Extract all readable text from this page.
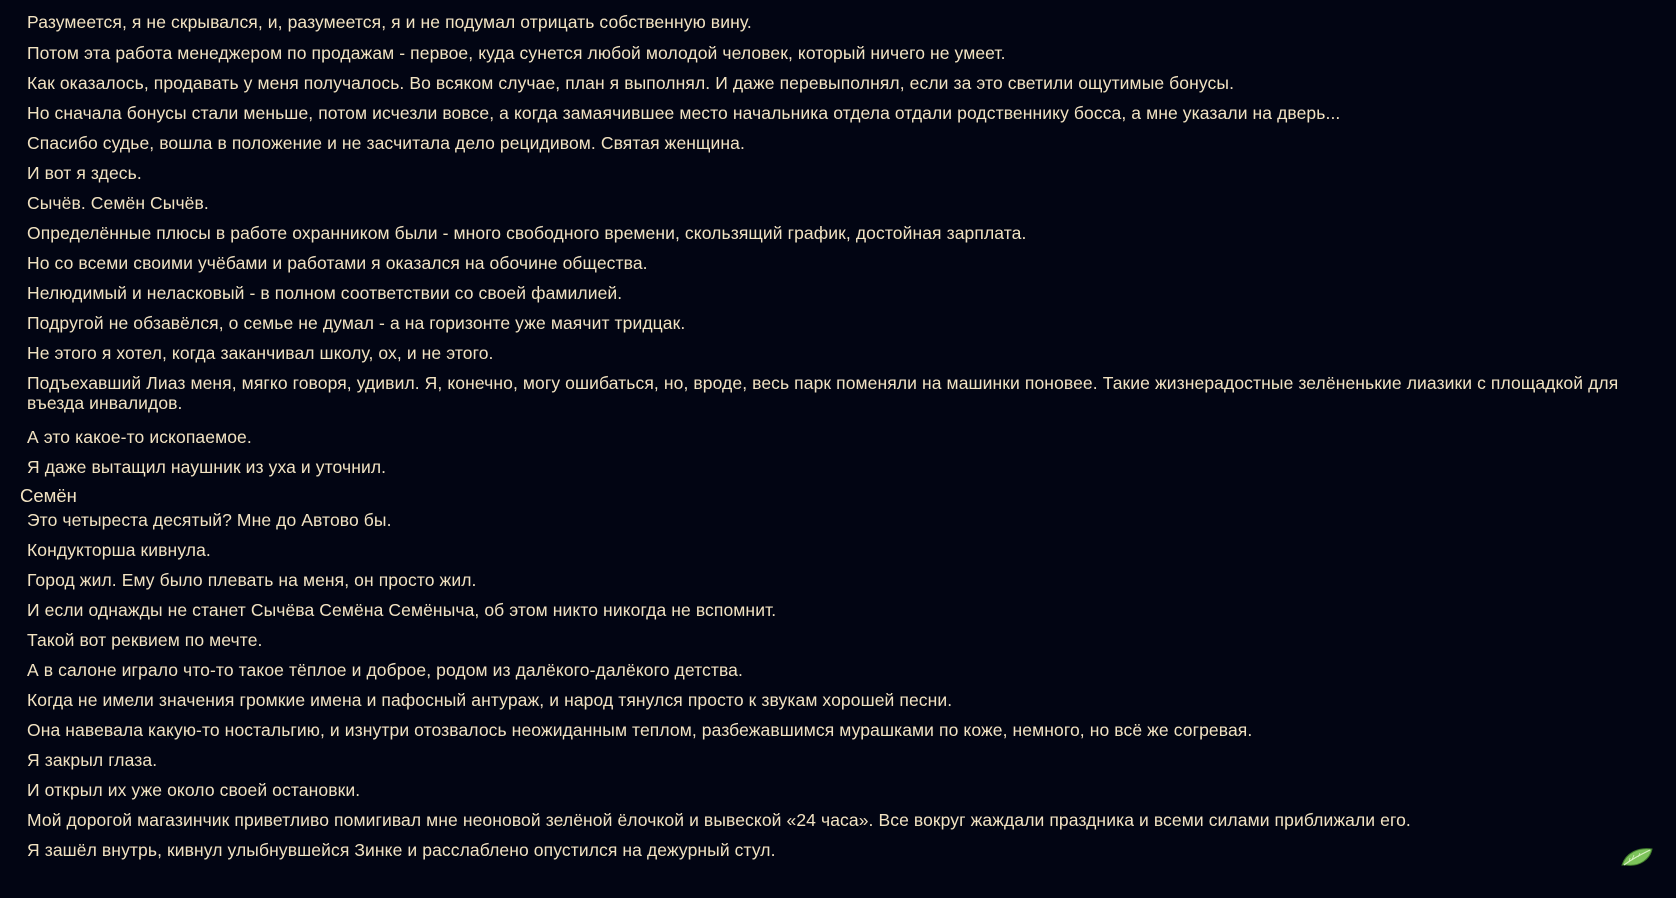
Разумеется, я не скрывался, и, разумеется, я и не подумал отрицать собственную вину.
Потом эта работа менеджером по продажам - первое, куда сунется любой молодой человек, который ничего не умеет.
Как оказалось, продавать у меня получалось. Во всяком случае, план я выполнял. И даже перевыполнял, если за это светили ощутимые бонусы.
Но сначала бонусы стали меньше, потом исчезли вовсе, а когда замаячившее место начальника отдела отдали родственнику босса, а мне указали на дверь...
Спасибо судье, вошла в положение и не засчитала дело рецидивом. Святая женщина.
И вот я здесь.
Сычёв. Семён Сычёв.
Определённые плюсы в работе охранником были - много свободного времени, скользящий график, достойная зарплата.
Но со всеми своими учёбами и работами я оказался на обочине общества.
Нелюдимый и неласковый - в полном соответствии со своей фамилией.
Подругой не обзавёлся, о семье не думал - а на горизонте уже маячит тридцак.
Не этого я хотел, когда заканчивал школу, ох, и не этого.
Подъехавший Лиаз меня, мягко говоря, удивил. Я, конечно, могу ошибаться, но, вроде, весь парк поменяли на машинки поновее. Такие жизнерадостные зелёненькие лиазики с площадкой для въезда инвалидов.
А это какое-то ископаемое.
Я даже вытащил наушник из уха и уточнил.
Семён
Это четыреста десятый? Мне до Автово бы.
Кондукторша кивнула.
Город жил. Ему было плевать на меня, он просто жил.
И если однажды не станет Сычёва Семёна Семёныча, об этом никто никогда не вспомнит.
Такой вот реквием по мечте.
А в салоне играло что-то такое тёплое и доброе, родом из далёкого-далёкого детства.
Когда не имели значения громкие имена и пафосный антураж, и народ тянулся просто к звукам хорошей песни.
Она навевала какую-то ностальгию, и изнутри отозвалось неожиданным теплом, разбежавшимся мурашками по коже, немного, но всё же согревая.
Я закрыл глаза.
И открыл их уже около своей остановки.
Мой дорогой магазинчик приветливо помигивал мне неоновой зелёной ёлочкой и вывеской «24 часа». Все вокруг жаждали праздника и всеми силами приближали его.
Я зашёл внутрь, кивнул улыбнувшейся Зинке и расслаблено опустился на дежурный стул.
